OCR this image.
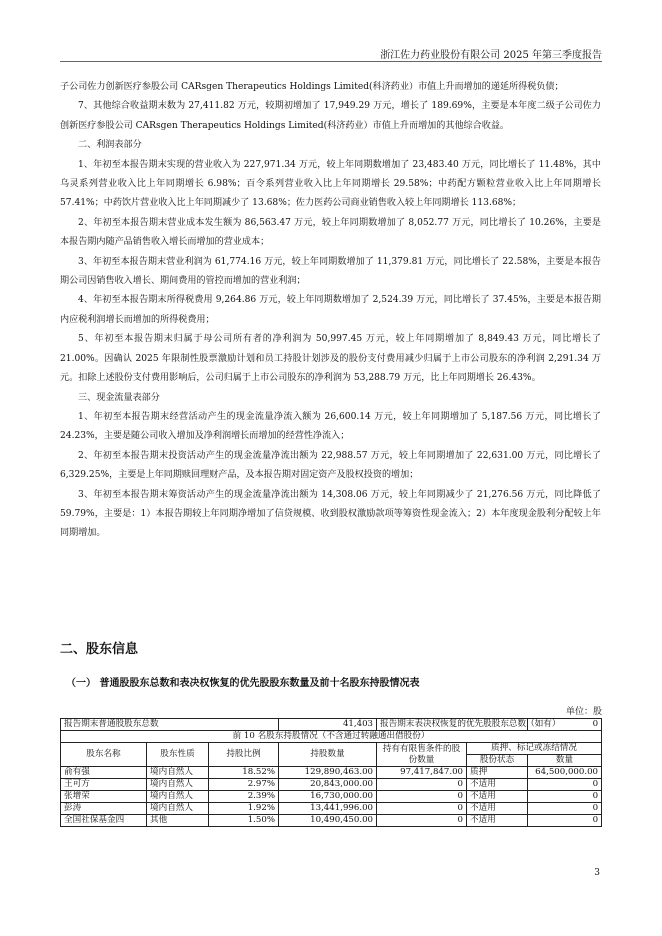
浙江佐力药业股份有限公司 2025 年第三季度报告

子公司佐力创新医疗参股公司 CARsgen Therapeutics Holdings Limited(科济药业）市值上升而增加的递延所得税负债；

7、其他综合收益期末数为 27,411.82 万元，较期初增加了 17,949.29 万元，增长了 189.69%，主要是本年度二级子公司佐力创新医疗参股公司 CARsgen Therapeutics Holdings Limited(科济药业）市值上升而增加的其他综合收益。

二、利润表部分

1、年初至本报告期末实现的营业收入为 227,971.34 万元，较上年同期数增加了 23,483.40 万元，同比增长了 11.48%，其中乌灵系列营业收入比上年同期增长 6.98%；百令系列营业收入比上年同期增长 29.58%；中药配方颗粒营业收入比上年同期增长 57.41%；中药饮片营业收入比上年同期减少了 13.68%；佐力医药公司商业销售收入较上年同期增长 113.68%；

2、年初至本报告期末营业成本发生额为 86,563.47 万元，较上年同期数增加了 8,052.77 万元，同比增长了 10.26%，主要是本报告期内随产品销售收入增长而增加的营业成本；

3、年初至本报告期末营业利润为 61,774.16 万元，较上年同期数增加了 11,379.81 万元，同比增长了 22.58%，主要是本报告期公司因销售收入增长、期间费用的管控而增加的营业利润；

4、年初至本报告期末所得税费用 9,264.86 万元，较上年同期数增加了 2,524.39 万元，同比增长了 37.45%，主要是本报告期内应税利润增长而增加的所得税费用；

5、年初至本报告期末归属于母公司所有者的净利润为 50,997.45 万元，较上年同期增加了 8,849.43 万元，同比增长了 21.00%。因确认 2025 年限制性股票激励计划和员工持股计划涉及的股份支付费用减少归属于上市公司股东的净利润 2,291.34 万元。扣除上述股份支付费用影响后，公司归属于上市公司股东的净利润为 53,288.79 万元，比上年同期增长 26.43%。

三、现金流量表部分

1、年初至本报告期末经营活动产生的现金流量净流入额为 26,600.14 万元，较上年同期增加了 5,187.56 万元，同比增长了 24.23%，主要是随公司收入增加及净利润增长而增加的经营性净流入；

2、年初至本报告期末投资活动产生的现金流量净流出额为 22,988.57 万元，较上年同期增加了 22,631.00 万元，同比增长了 6,329.25%，主要是上年同期赎回理财产品，及本报告期对固定资产及股权投资的增加；

3、年初至本报告期末筹资活动产生的现金流量净流出额为 14,308.06 万元，较上年同期减少了 21,276.56 万元，同比降低了 59.79%，主要是：1）本报告期较上年同期净增加了信贷规模、收到股权激励款项等筹资性现金流入；2）本年度现金股利分配较上年同期增加。

二、股东信息
（一） 普通股股东总数和表决权恢复的优先股股东数量及前十名股东持股情况表
单位：股
报告期末普通股股东总数			41,403	报告期末表决权恢复的优先股股东总数（如有）		0
前 10 名股东持股情况（不含通过转融通出借股份）						
股东名称	股东性质	持股比例	持股数量	持有有限售条件的股份数量	质押、标记或冻结情况	
					股份状态	数量
俞有强	境内自然人	18.52%	129,890,463.00	97,417,847.00	质押	64,500,000.00
王可方	境内自然人	2.97%	20,843,000.00	0	不适用	0
张增荣	境内自然人	2.39%	16,730,000.00	0	不适用	0
彭涛	境内自然人	1.92%	13,441,996.00	0	不适用	0
全国社保基金四	其他	1.50%	10,490,450.00	0	不适用	0
3
